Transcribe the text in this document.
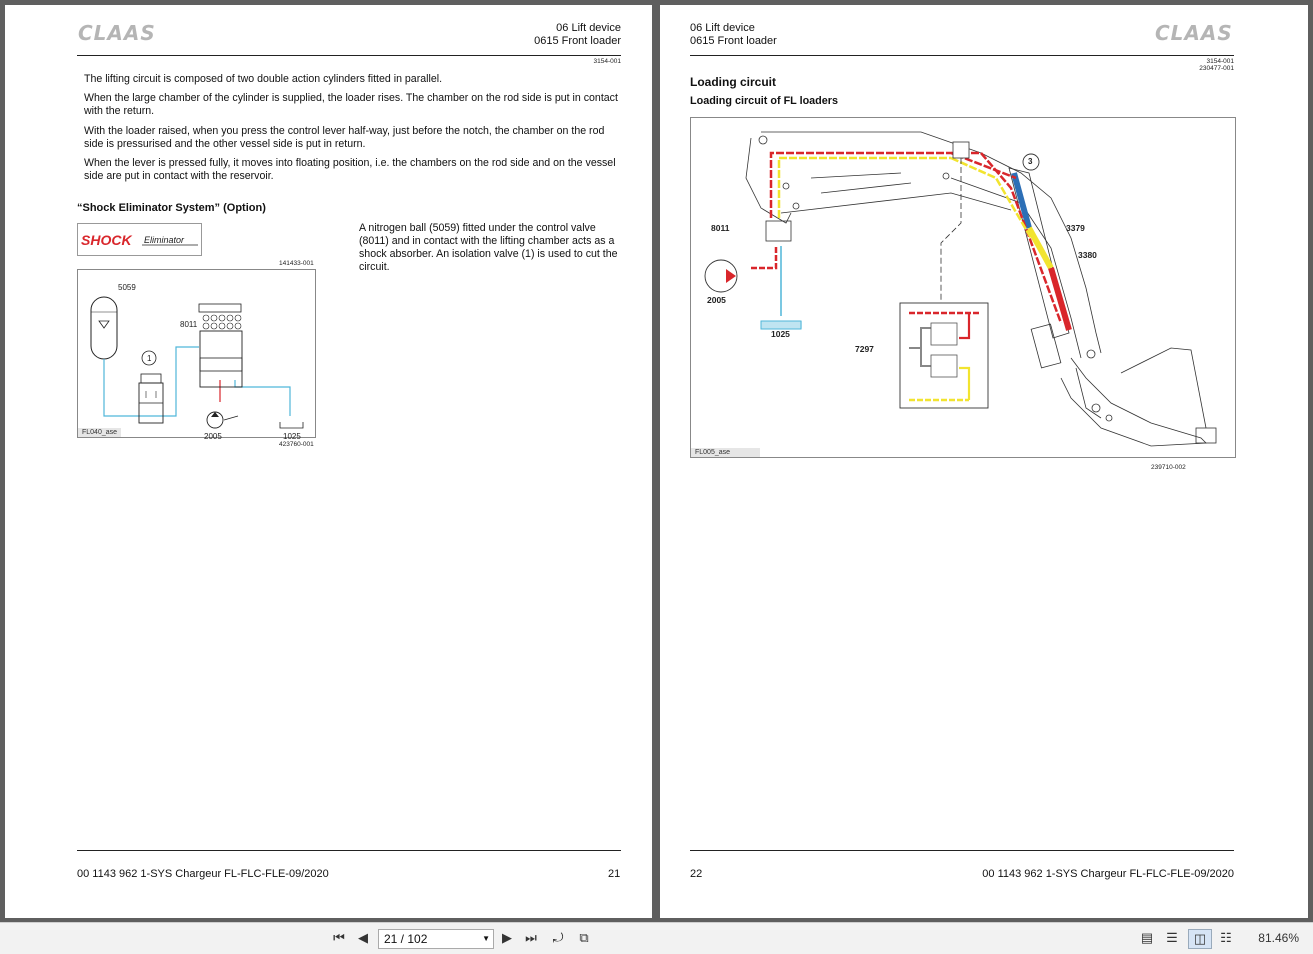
CLAAS	06 Lift device
0615 Front loader
3154-001

The lifting circuit is composed of two double action cylinders fitted in parallel.

When the large chamber of the cylinder is supplied, the loader rises. The chamber on the rod side is put in contact with the return.

With the loader raised, when you press the control lever half-way, just before the notch, the chamber on the rod side is pressurised and the other vessel side is put in return.

When the lever is pressed fully, it moves into floating position, i.e. the chambers on the rod side and on the vessel side are put in contact with the reservoir.

“Shock Eliminator System” (Option)
SHOCK Eliminator
141433-001

A nitrogen ball (5059) fitted under the control valve (8011) and in contact with the lifting chamber acts as a shock absorber. An isolation valve (1) is used to cut the circuit.

5059
8011
1
2005	1025
FL040_ase
423760-001
00 1143 962 1-SYS Chargeur FL-FLC-FLE-09/2020	21
06 Lift device
0615 Front loader	CLAAS
3154-001
230477-001
Loading circuit
Loading circuit of FL loaders
8011
2005
1025
7297
3379
3380
3
FL005_ase
239710-002
22	00 1143 962 1-SYS Chargeur FL-FLC-FLE-09/2020
⏮	◀	21 / 102	▼ ▶	⏭	⤾	⧉	▤ ☰	◫	☷	81.46%
